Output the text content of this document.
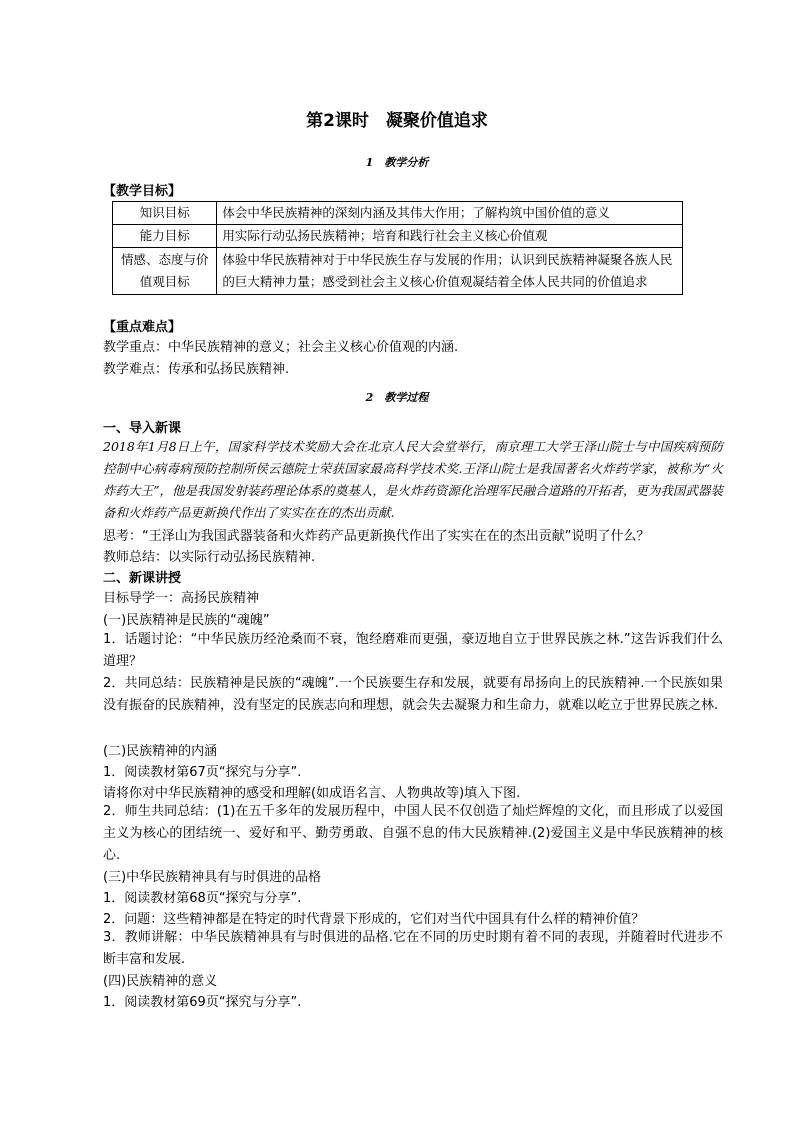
第2课时　凝聚价值追求
1　教学分析
【教学目标】
知识目标	体会中华民族精神的深刻内涵及其伟大作用；了解构筑中国价值的意义
能力目标	用实际行动弘扬民族精神；培育和践行社会主义核心价值观
情感、态度与价值观目标	体验中华民族精神对于中华民族生存与发展的作用；认识到民族精神凝聚各族人民的巨大精神力量；感受到社会主义核心价值观凝结着全体人民共同的价值追求
【重点难点】
教学重点：中华民族精神的意义；社会主义核心价值观的内涵.
教学难点：传承和弘扬民族精神.
2　教学过程
一、导入新课
2018年1月8日上午，国家科学技术奖励大会在北京人民大会堂举行，南京理工大学王泽山院士与中国疾病预防控制中心病毒病预防控制所侯云德院士荣获国家最高科学技术奖.王泽山院士是我国著名火炸药学家，被称为“火炸药大王”，他是我国发射装药理论体系的奠基人，是火炸药资源化治理军民融合道路的开拓者，更为我国武器装备和火炸药产品更新换代作出了实实在在的杰出贡献.
思考：“王泽山为我国武器装备和火炸药产品更新换代作出了实实在在的杰出贡献”说明了什么？
教师总结：以实际行动弘扬民族精神.
二、新课讲授
目标导学一：高扬民族精神
(一)民族精神是民族的“魂魄”
1．话题讨论：“中华民族历经沧桑而不衰，饱经磨难而更强，豪迈地自立于世界民族之林.”这告诉我们什么道理？
2．共同总结：民族精神是民族的“魂魄”.一个民族要生存和发展，就要有昂扬向上的民族精神.一个民族如果没有振奋的民族精神，没有坚定的民族志向和理想，就会失去凝聚力和生命力，就难以屹立于世界民族之林.
(二)民族精神的内涵
1．阅读教材第67页“探究与分享”.
请将你对中华民族精神的感受和理解(如成语名言、人物典故等)填入下图.
2．师生共同总结：(1)在五千多年的发展历程中，中国人民不仅创造了灿烂辉煌的文化，而且形成了以爱国主义为核心的团结统一、爱好和平、勤劳勇敢、自强不息的伟大民族精神.(2)爱国主义是中华民族精神的核心.
(三)中华民族精神具有与时俱进的品格
1．阅读教材第68页“探究与分享”.
2．问题：这些精神都是在特定的时代背景下形成的，它们对当代中国具有什么样的精神价值？
3．教师讲解：中华民族精神具有与时俱进的品格.它在不同的历史时期有着不同的表现，并随着时代进步不断丰富和发展.
(四)民族精神的意义
1．阅读教材第69页“探究与分享”.
